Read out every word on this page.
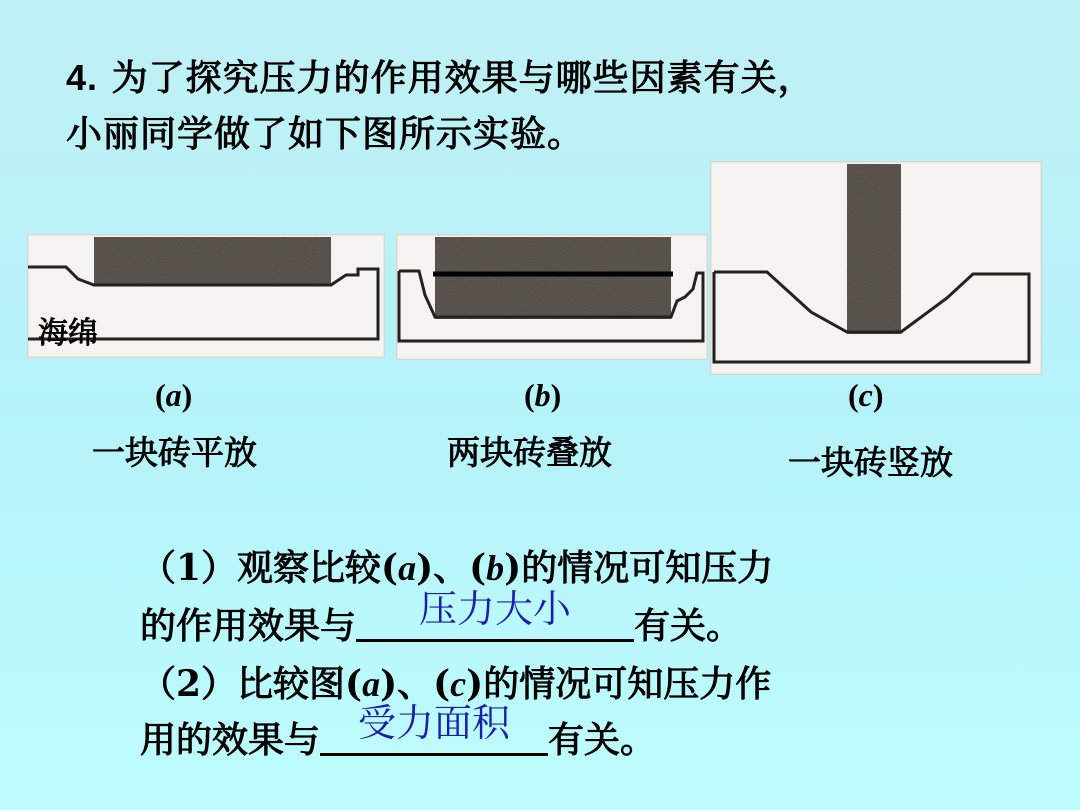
4. 为了探究压力的作用效果与哪些因素有关，
小丽同学做了如下图所示实验。
海绵
(a)	(b)	(c)
一块砖平放	两块砖叠放	一块砖竖放
（1）观察比较(a)、(b)的情况可知压力
的作用效果与	压力大小	有关。
（2）比较图(a)、(c)的情况可知压力作
用的效果与 受力面积	有关。
